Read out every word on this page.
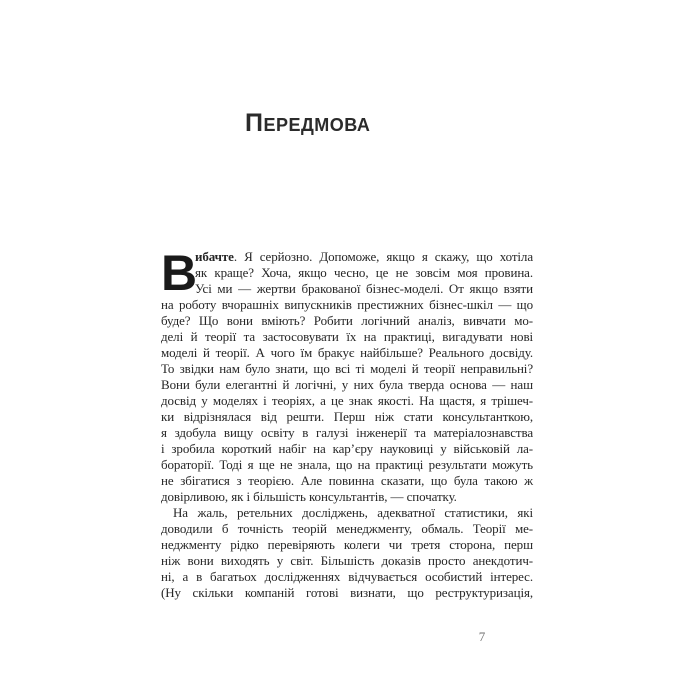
ПЕРЕДМОВА
В
ибачте. Я серйозно. Допоможе, якщо я скажу, що хотіла
як краще? Хоча, якщо чесно, це не зовсім моя провина.
Усі ми — жертви бракованої бізнес-моделі. От якщо взяти
на роботу вчорашніх випускників престижних бізнес-шкіл — що
буде? Що вони вміють? Робити логічний аналіз, вивчати мо-
делі й теорії та застосовувати їх на практиці, вигадувати нові
моделі й теорії. А чого їм бракує найбільше? Реального досвіду.
То звідки нам було знати, що всі ті моделі й теорії неправильні?
Вони були елегантні й логічні, у них була тверда основа — наш
досвід у моделях і теоріях, а це знак якості. На щастя, я трішеч-
ки відрізнялася від решти. Перш ніж стати консультанткою,
я здобула вищу освіту в галузі інженерії та матеріалознавства
і зробила короткий набіг на кар’єру науковиці у військовій ла-
бораторії. Тоді я ще не знала, що на практиці результати можуть
не збігатися з теорією. Але повинна сказати, що була такою ж
довірливою, як і більшість консультантів, — спочатку.
На жаль, ретельних досліджень, адекватної статистики, які
доводили б точність теорій менеджменту, обмаль. Теорії ме-
неджменту рідко перевіряють колеги чи третя сторона, перш
ніж вони виходять у світ. Більшість доказів просто анекдотич-
ні, а в багатьох дослідженнях відчувається особистий інтерес.
(Ну скільки компаній готові визнати, що реструктуризація,
7
